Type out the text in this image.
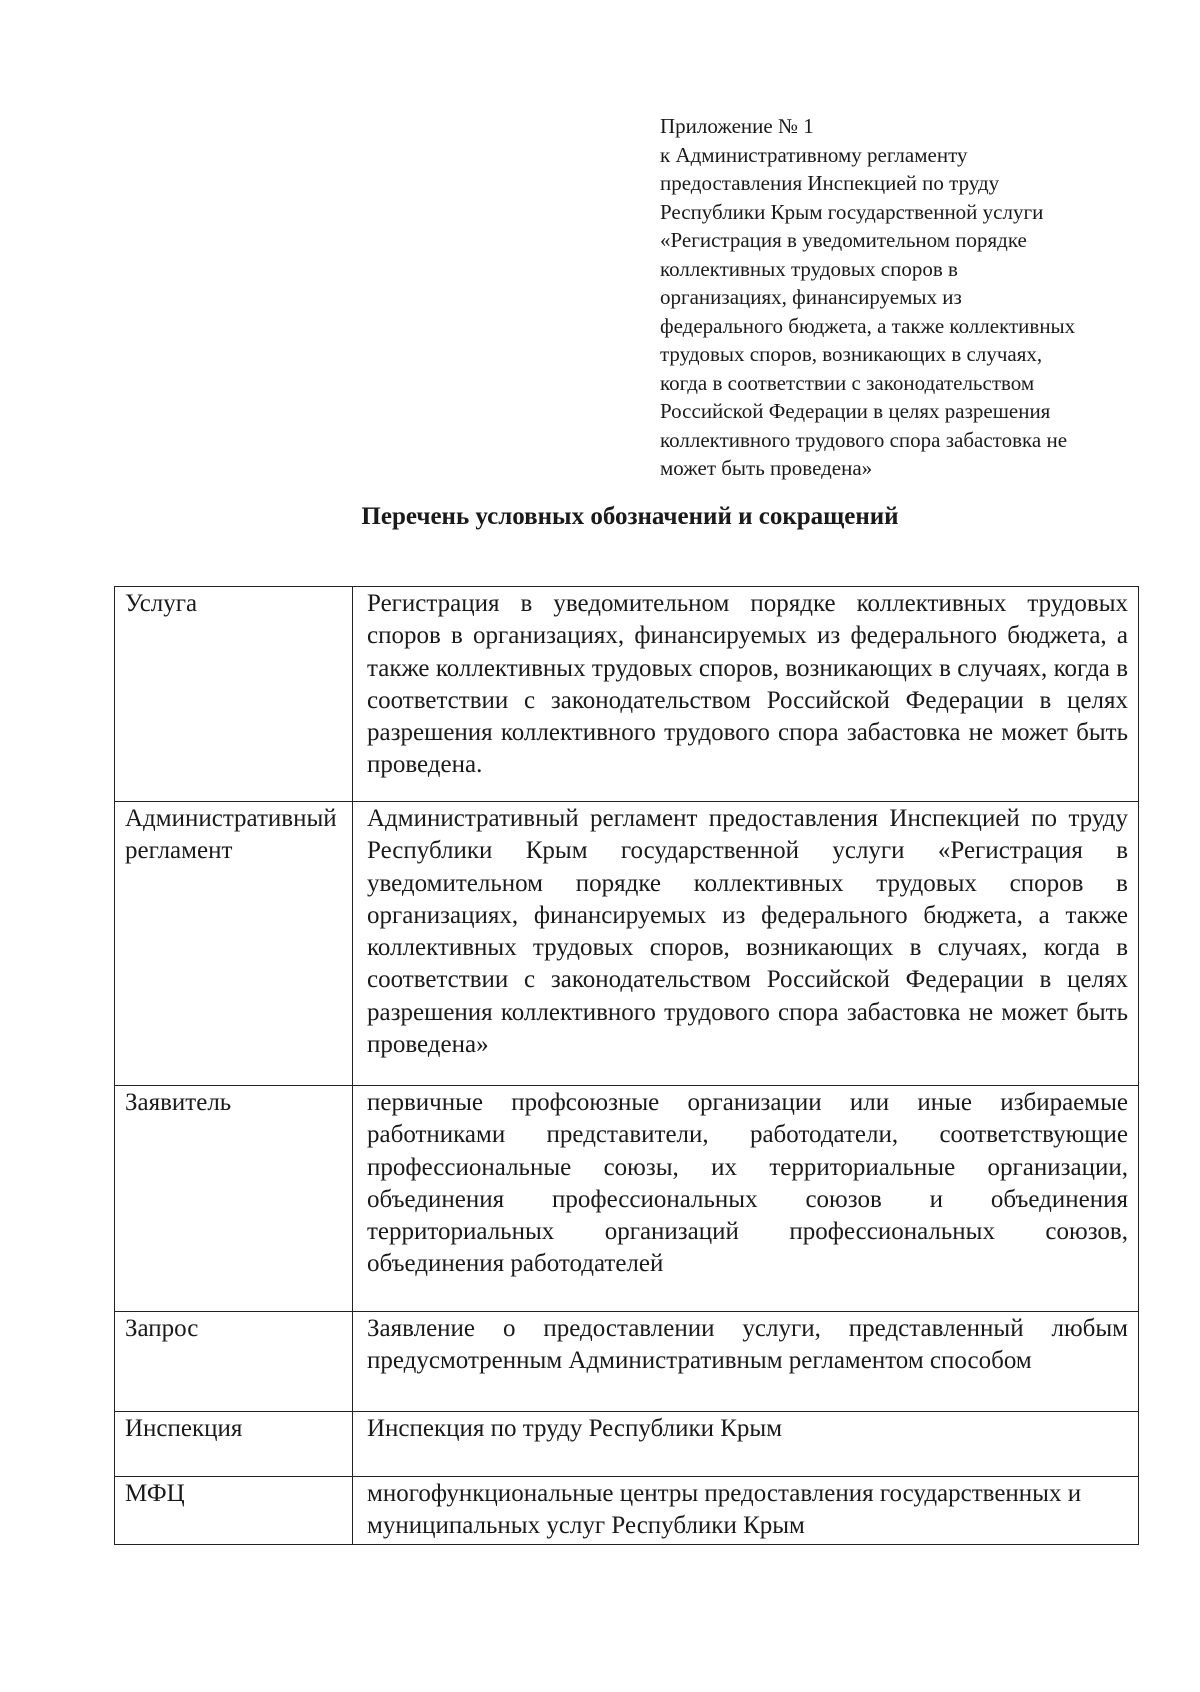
Приложение № 1
к Административному регламенту
предоставления Инспекцией по труду
Республики Крым государственной услуги
«Регистрация в уведомительном порядке
коллективных трудовых споров в
организациях, финансируемых из
федерального бюджета, а также коллективных
трудовых споров, возникающих в случаях,
когда в соответствии с законодательством
Российской Федерации в целях разрешения
коллективного трудового спора забастовка не
может быть проведена»
Перечень условных обозначений и сокращений
Услуга	Регистрация в уведомительном порядке коллективных трудовых споров в организациях, финансируемых из федерального бюджета, а также коллективных трудовых споров, возникающих в случаях, когда в соответствии с законодательством Российской Федерации в целях разрешения коллективного трудового спора забастовка не может быть проведена.
Административный регламент	Административный регламент предоставления Инспекцией по труду Республики Крым государственной услуги «Регистрация в уведомительном порядке коллективных трудовых споров в организациях, финансируемых из федерального бюджета, а также коллективных трудовых споров, возникающих в случаях, когда в соответствии с законодательством Российской Федерации в целях разрешения коллективного трудового спора забастовка не может быть проведена»
Заявитель	первичные профсоюзные организации или иные избираемые работниками представители, работодатели, соответствующие профессиональные союзы, их территориальные организации, объединения профессиональных союзов и объединения территориальных организаций профессиональных союзов, объединения работодателей
Запрос	Заявление о предоставлении услуги, представленный любым предусмотренным Административным регламентом способом
Инспекция	Инспекция по труду Республики Крым
МФЦ	многофункциональные центры предоставления государственных и муниципальных услуг Республики Крым
